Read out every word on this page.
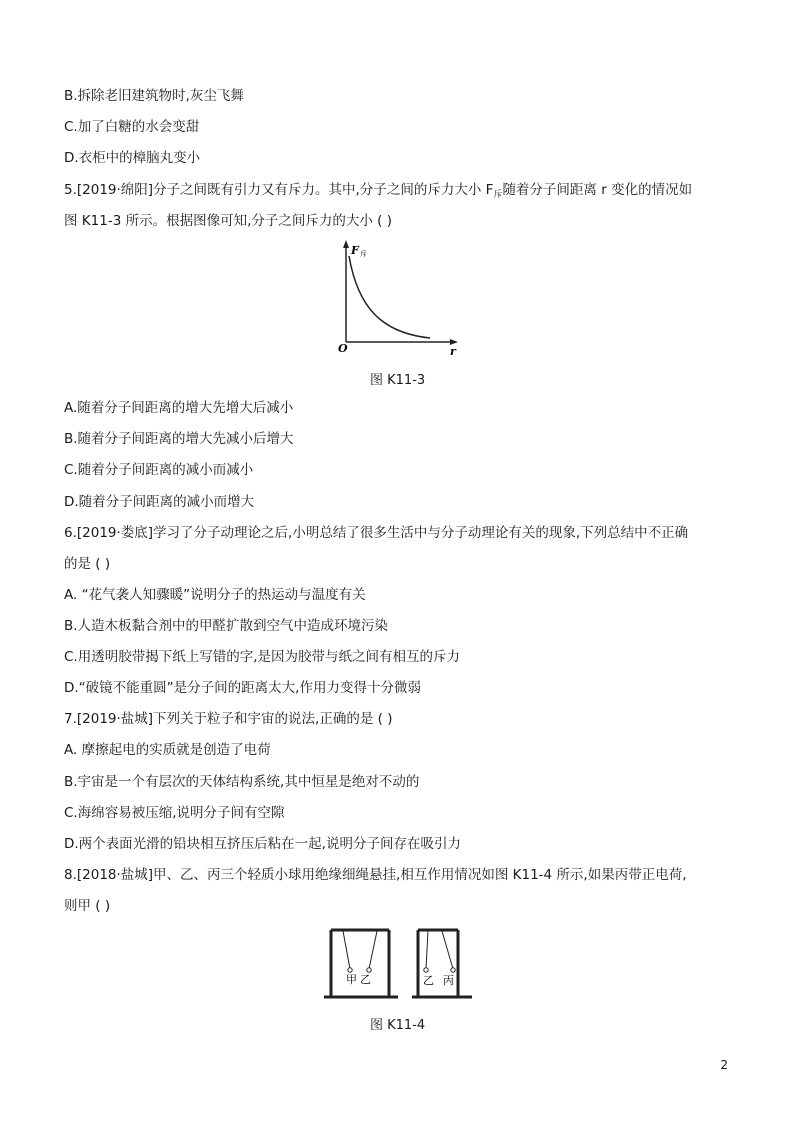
B.拆除老旧建筑物时,灰尘飞舞
C.加了白糖的水会变甜
D.衣柜中的樟脑丸变小
5.[2019·绵阳]分子之间既有引力又有斥力。其中,分子之间的斥力大小 $F_斥$随着分子间距离 r 变化的情况如
图 K11-3 所示。根据图像可知,分子之间斥力的大小 ( )
F 斥
r
O
图 K11-3
A.随着分子间距离的增大先增大后减小
B.随着分子间距离的增大先减小后增大
C.随着分子间距离的减小而减小
D.随着分子间距离的减小而增大
6.[2019·娄底]学习了分子动理论之后,小明总结了很多生活中与分子动理论有关的现象,下列总结中不正确
的是 ( )
A. “花气袭人知骤暖”说明分子的热运动与温度有关
B.人造木板黏合剂中的甲醛扩散到空气中造成环境污染
C.用透明胶带揭下纸上写错的字,是因为胶带与纸之间有相互的斥力
D.“破镜不能重圆”是分子间的距离太大,作用力变得十分微弱
7.[2019·盐城]下列关于粒子和宇宙的说法,正确的是 ( )
A. 摩擦起电的实质就是创造了电荷
B.宇宙是一个有层次的天体结构系统,其中恒星是绝对不动的
C.海绵容易被压缩,说明分子间有空隙
D.两个表面光滑的铅块相互挤压后粘在一起,说明分子间存在吸引力
8.[2018·盐城]甲、乙、丙三个轻质小球用绝缘细绳悬挂,相互作用情况如图 K11-4 所示,如果丙带正电荷,
则甲 ( )
甲 乙	乙 丙
图 K11-4
2
